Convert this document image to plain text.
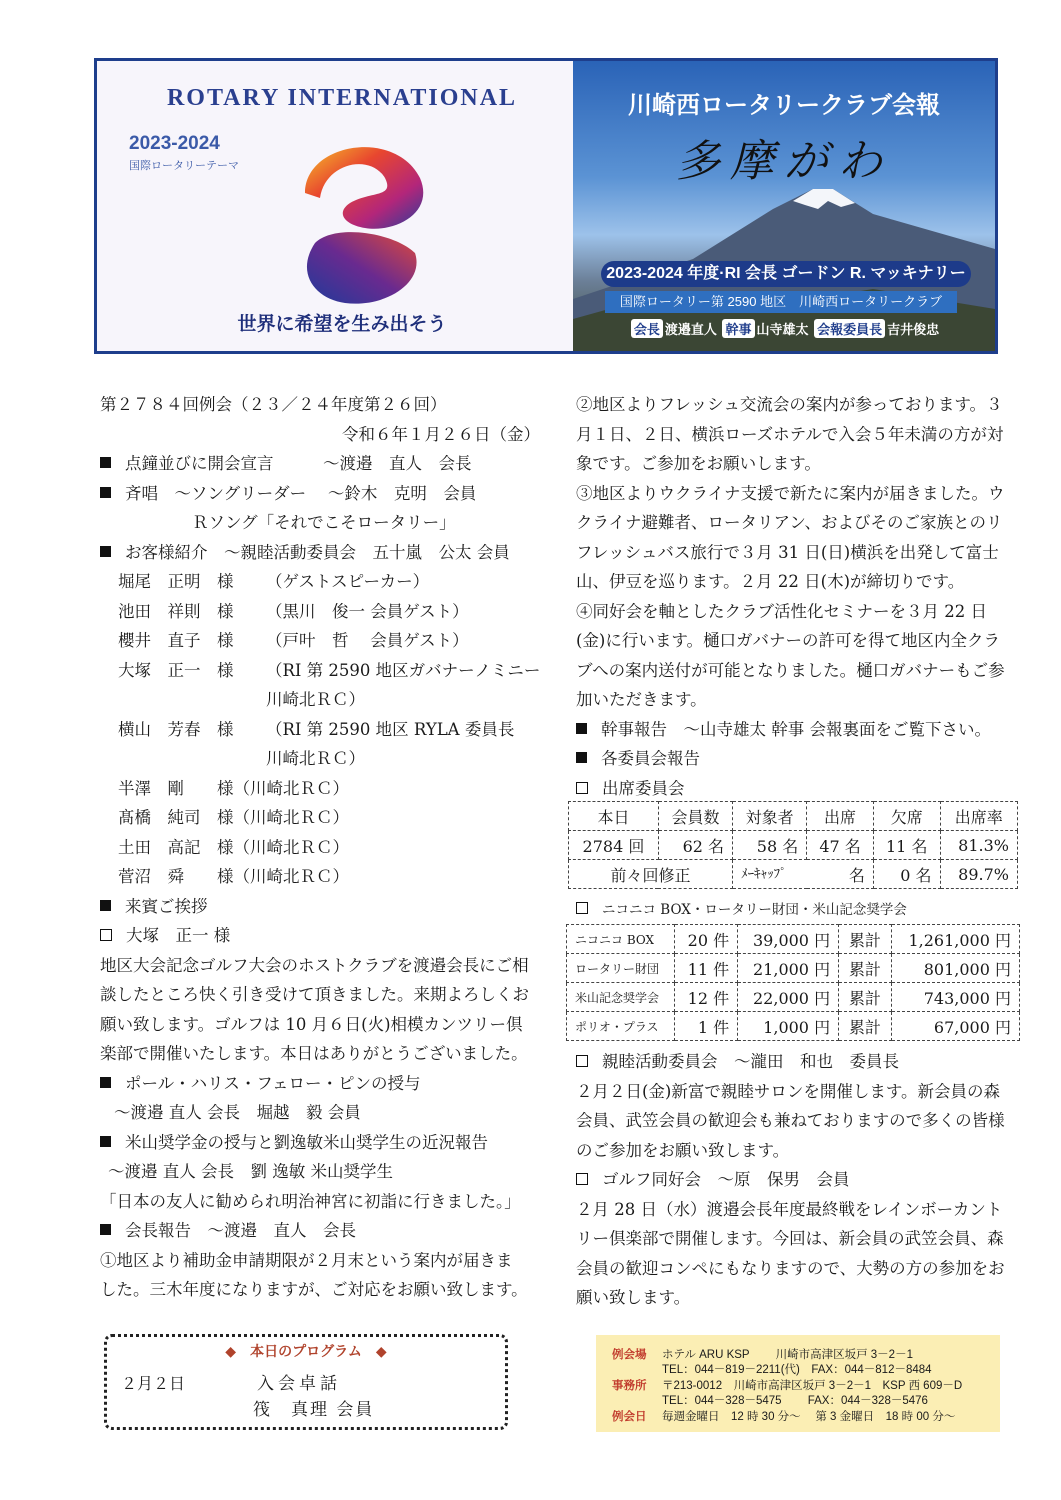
ROTARY INTERNATIONAL
2023-2024
国際ロータリーテーマ
世界に希望を生み出そう
川崎西ロータリークラブ会報
多摩がわ
2023-2024 年度·RI 会長 ゴードン R. マッキナリー
国際ロータリー第 2590 地区　川崎西ロータリークラブ
会長 渡邉直人 幹事 山寺雄太 会報委員長 吉井俊忠
第２７８４回例会（２３／２４年度第２６回）
令和６年１月２６日（金）
点鐘並びに開会宣言　　　～渡邉　直人　会長
斉唱　～ソングリーダー　 ～鈴木　克明　会員
Ｒソング「それでこそロータリー」
お客様紹介　～親睦活動委員会　五十嵐　公太 会員
堀尾　正明　様	（ゲストスピーカー）
池田　祥則　様	（黒川　俊一 会員ゲスト）
櫻井　直子　様	（戸叶　哲　 会員ゲスト）
大塚　正一　様	（RI 第 2590 地区ガバナーノミニー
川崎北ＲＣ）
横山　芳春　様	（RI 第 2590 地区 RYLA 委員長
川崎北ＲＣ）
半澤　剛　　様（川崎北ＲＣ）
髙橋　純司　様（川崎北ＲＣ）
土田　高記　様（川崎北ＲＣ）
菅沼　舜　　様（川崎北ＲＣ）
来賓ご挨拶
大塚　正一 様
地区大会記念ゴルフ大会のホストクラブを渡邉会長にご相
談したところ快く引き受けて頂きました。来期よろしくお
願い致します。ゴルフは 10 月６日(火)相模カンツリー倶
楽部で開催いたします。本日はありがとうございました。
ポール・ハリス・フェロー・ピンの授与
～渡邉 直人 会長　堀越　毅 会員
米山奨学金の授与と劉逸敏米山奨学生の近況報告
～渡邉 直人 会長　劉 逸敏 米山奨学生
「日本の友人に勧められ明治神宮に初詣に行きました。」
会長報告　～渡邉　直人　会長
①地区より補助金申請期限が２月末という案内が届きま
した。三木年度になりますが、ご対応をお願い致します。
②地区よりフレッシュ交流会の案内が参っております。３
月１日、２日、横浜ローズホテルで入会５年未満の方が対
象です。ご参加をお願いします。
③地区よりウクライナ支援で新たに案内が届きました。ウ
クライナ避難者、ロータリアン、およびそのご家族とのリ
フレッシュバス旅行で３月 31 日(日)横浜を出発して富士
山、伊豆を巡ります。２月 22 日(木)が締切りです。
④同好会を軸としたクラブ活性化セミナーを３月 22 日
(金)に行います。樋口ガバナーの許可を得て地区内全クラ
ブへの案内送付が可能となりました。樋口ガバナーもご参
加いただきます。
幹事報告　～山寺雄太 幹事 会報裏面をご覧下さい。
各委員会報告
出席委員会
本日	会員数	対象者	出席	欠席	出席率
2784 回	62 名	58 名	47 名	11 名	81.3%
前々回修正		ﾒｰｷｬｯﾌﾟ 名		0 名	89.7%
ニコニコ BOX・ロータリー財団・米山記念奨学会
ニコニコ BOX	20 件	39,000 円	累計	1,261,000 円
ロータリー財団	11 件	21,000 円	累計	801,000 円
米山記念奨学会	12 件	22,000 円	累計	743,000 円
ポリオ・プラス	1 件	1,000 円	累計	67,000 円
親睦活動委員会　～瀧田　和也　委員長
２月２日(金)新富で親睦サロンを開催します。新会員の森
会員、武笠会員の歓迎会も兼ねておりますので多くの皆様
のご参加をお願い致します。
ゴルフ同好会　～原　保男　会員
２月 28 日（水）渡邉会長年度最終戦をレインボーカント
リー倶楽部で開催します。今回は、新会員の武笠会員、森
会員の歓迎コンペにもなりますので、大勢の方の参加をお
願い致します。
◆　本日のプログラム　◆
２月２日	入会卓話
筏　真理 会員
例会場 ホテル ARU KSP　　 川崎市高津区坂戸 3－2－1
TEL：044－819－2211(代)　FAX：044－812－8484
事務所 〒213-0012　川崎市高津区坂戸 3－2－1　KSP 西 609－D
TEL：044－328－5475　　 FAX：044－328－5476
例会日 毎週金曜日　12 時 30 分～　 第 3 金曜日　18 時 00 分～
